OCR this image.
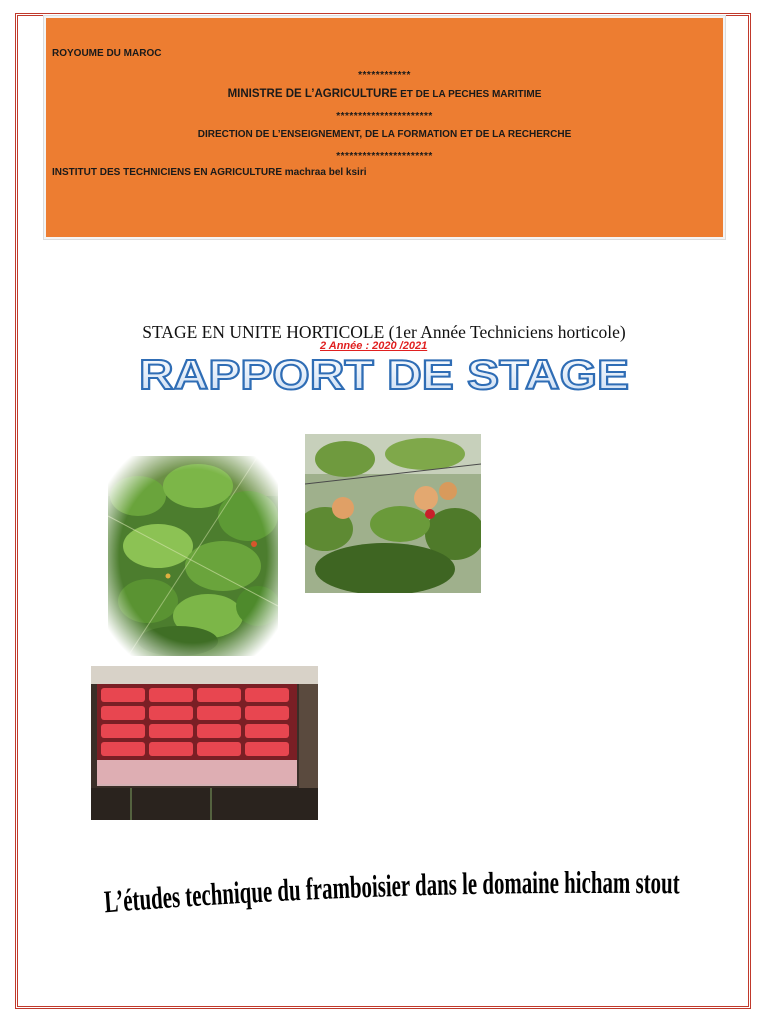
ROYOUME DU MAROC

************

MINISTRE DE L’AGRICULTURE ET DE LA PECHES MARITIME

**********************

DIRECTION DE L’ENSEIGNEMENT, DE LA FORMATION ET DE LA RECHERCHE

**********************

INSTITUT DES TECHNICIENS EN AGRICULTURE machraa bel ksiri

STAGE EN UNITE HORTICOLE (1er Année Techniciens horticole)
2 Année : 2020 /2021
RAPPORT DE STAGE
L’études technique du framboisier dans le domaine hicham stout
